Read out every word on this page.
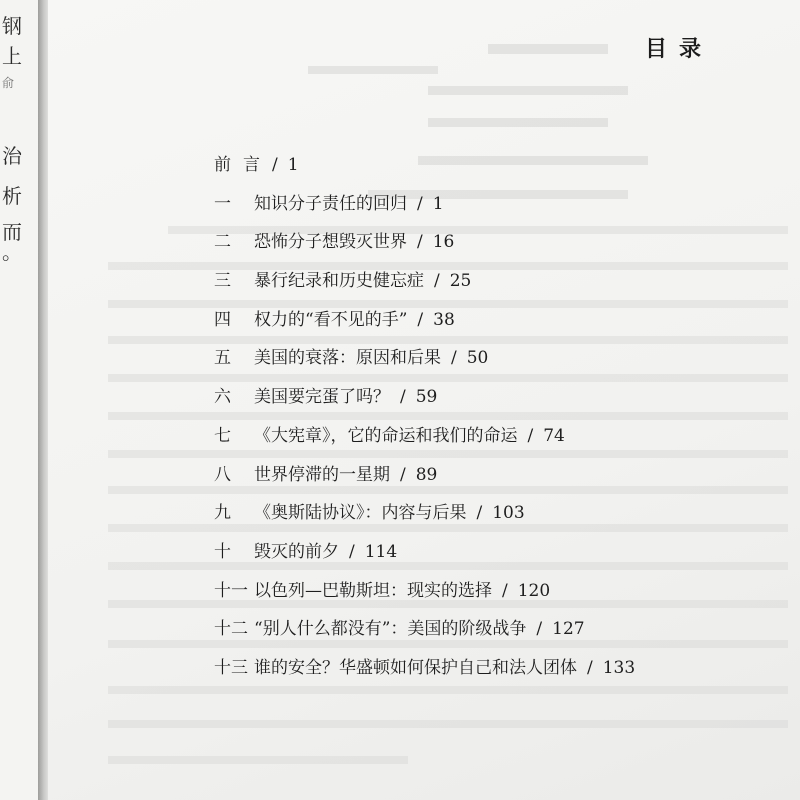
钢
上
俞
治
析
而
。
目录
前言/ 1
一 知识分子责任的回归 / 1
二 恐怖分子想毁灭世界 / 16
三 暴行纪录和历史健忘症 / 25
四 权力的“看不见的手” / 38
五 美国的衰落：原因和后果 / 50
六 美国要完蛋了吗？ / 59
七 《大宪章》，它的命运和我们的命运 / 74
八 世界停滞的一星期 / 89
九 《奥斯陆协议》：内容与后果 / 103
十 毁灭的前夕 / 114
十一 以色列—巴勒斯坦：现实的选择 / 120
十二 “别人什么都没有”：美国的阶级战争 / 127
十三 谁的安全？华盛顿如何保护自己和法人团体 / 133
